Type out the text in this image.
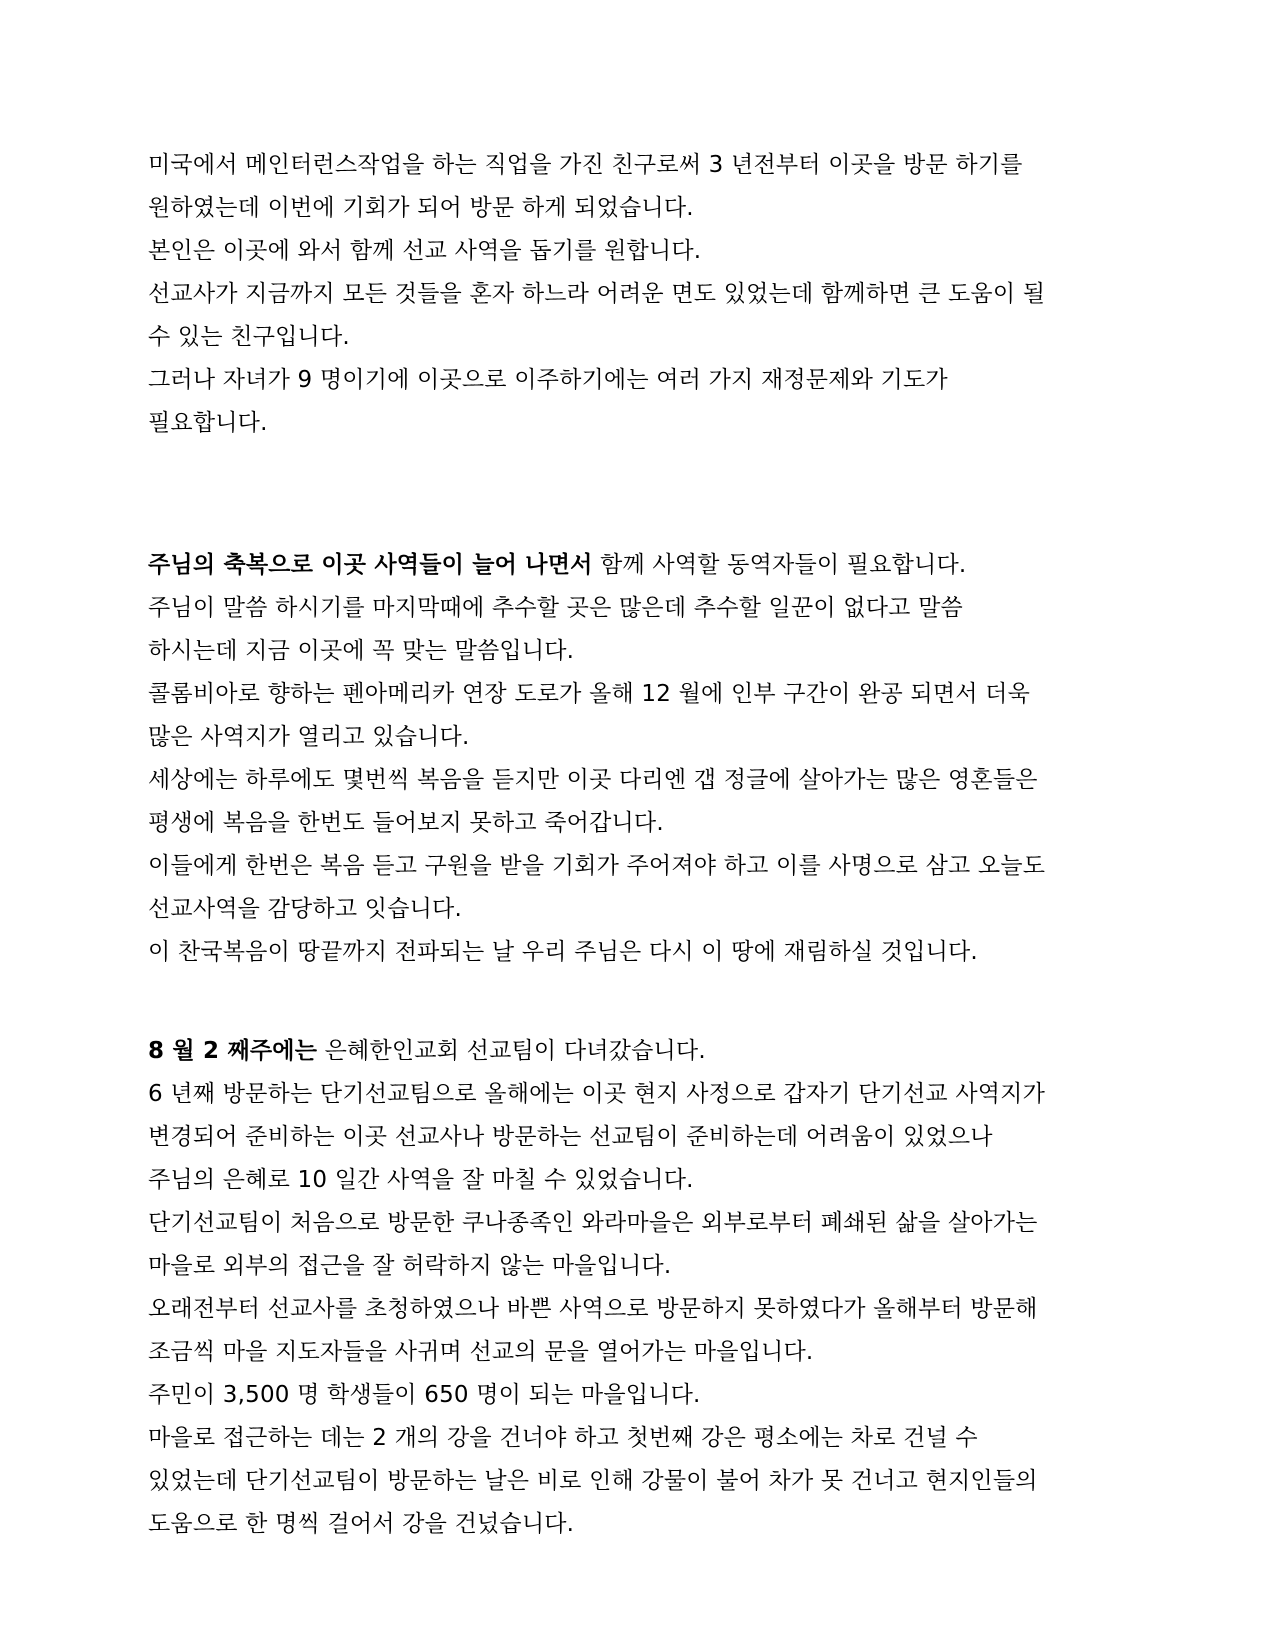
미국에서 메인터런스작업을 하는 직업을 가진 친구로써 3 년전부터 이곳을 방문 하기를
원하였는데 이번에 기회가 되어 방문 하게 되었습니다.
본인은 이곳에 와서 함께 선교 사역을 돕기를 원합니다.
선교사가 지금까지 모든 것들을 혼자 하느라 어려운 면도 있었는데 함께하면 큰 도움이 될
수 있는 친구입니다.
그러나 자녀가 9 명이기에 이곳으로 이주하기에는 여러 가지 재정문제와 기도가
필요합니다.
주님의 축복으로 이곳 사역들이 늘어 나면서 함께 사역할 동역자들이 필요합니다.
주님이 말씀 하시기를 마지막때에 추수할 곳은 많은데 추수할 일꾼이 없다고 말씀
하시는데 지금 이곳에 꼭 맞는 말씀입니다.
콜롬비아로 향하는 펜아메리카 연장 도로가 올해 12 월에 인부 구간이 완공 되면서 더욱
많은 사역지가 열리고 있습니다.
세상에는 하루에도 몇번씩 복음을 듣지만 이곳 다리엔 갭 정글에 살아가는 많은 영혼들은
평생에 복음을 한번도 들어보지 못하고 죽어갑니다.
이들에게 한번은 복음 듣고 구원을 받을 기회가 주어져야 하고 이를 사명으로 삼고 오늘도
선교사역을 감당하고 잇습니다.
이 찬국복음이 땅끝까지 전파되는 날 우리 주님은 다시 이 땅에 재림하실 것입니다.
8 월 2 째주에는 은혜한인교회 선교팀이 다녀갔습니다.
6 년째 방문하는 단기선교팀으로 올해에는 이곳 현지 사정으로 갑자기 단기선교 사역지가
변경되어 준비하는 이곳 선교사나 방문하는 선교팀이 준비하는데 어려움이 있었으나
주님의 은혜로 10 일간 사역을 잘 마칠 수 있었습니다.
단기선교팀이 처음으로 방문한 쿠나종족인 와라마을은 외부로부터 폐쇄된 삶을 살아가는
마을로 외부의 접근을 잘 허락하지 않는 마을입니다.
오래전부터 선교사를 초청하였으나 바쁜 사역으로 방문하지 못하였다가 올해부터 방문해
조금씩 마을 지도자들을 사귀며 선교의 문을 열어가는 마을입니다.
주민이 3,500 명 학생들이 650 명이 되는 마을입니다.
마을로 접근하는 데는 2 개의 강을 건너야 하고 첫번째 강은 평소에는 차로 건널 수
있었는데 단기선교팀이 방문하는 날은 비로 인해 강물이 불어 차가 못 건너고 현지인들의
도움으로 한 명씩 걸어서 강을 건넜습니다.
